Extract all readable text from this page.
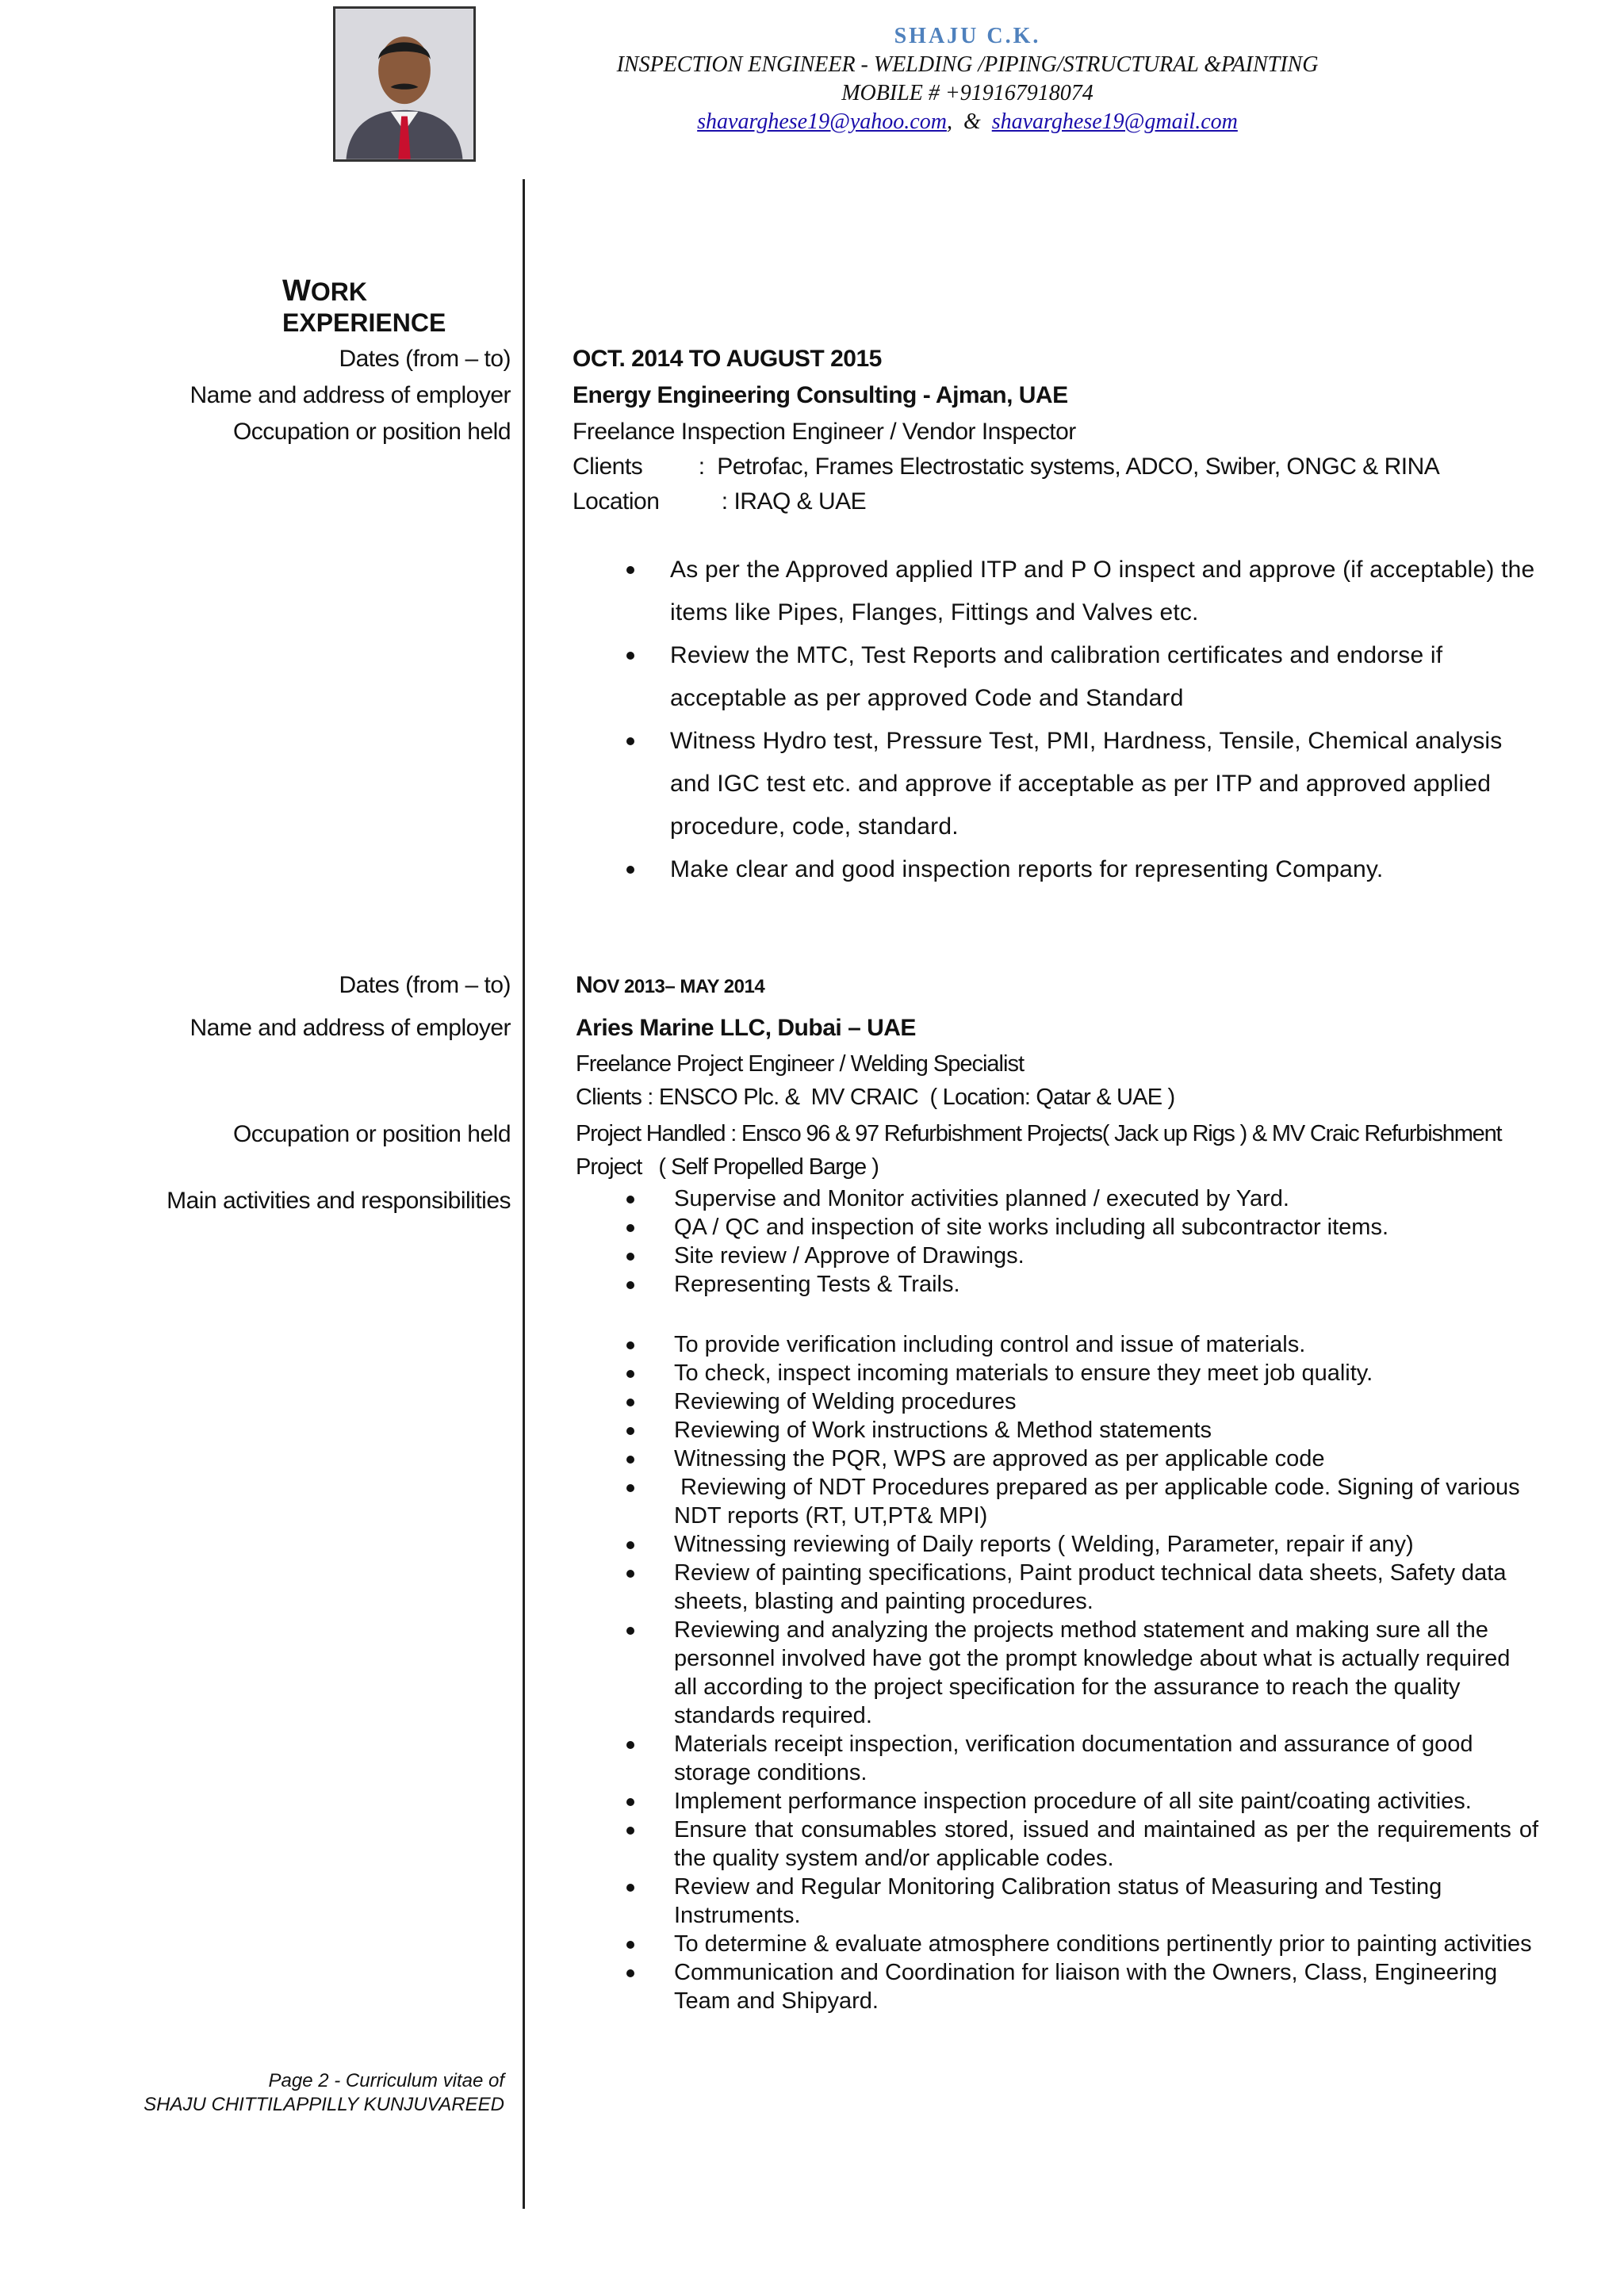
SHAJU C.K.
INSPECTION ENGINEER - WELDING /PIPING/STRUCTURAL &PAINTING
MOBILE # +919167918074
shavarghese19@yahoo.com,  &  shavarghese19@gmail.com
WORK EXPERIENCE
Dates (from – to)
Name and address of employer
Occupation or position held
OCT. 2014 TO AUGUST 2015
Energy Engineering Consulting - Ajman, UAE
Freelance Inspection Engineer / Vendor Inspector
Clients         :  Petrofac, Frames Electrostatic systems, ADCO, Swiber, ONGC & RINA
Location          : IRAQ & UAE
As per the Approved applied ITP and P O inspect and approve (if acceptable) the items like Pipes, Flanges, Fittings and Valves etc.
Review the MTC, Test Reports and calibration certificates and endorse if acceptable as per approved Code and Standard
Witness Hydro test, Pressure Test, PMI, Hardness, Tensile, Chemical analysis and IGC test etc. and approve if acceptable as per ITP and approved applied procedure, code, standard.
Make clear and good inspection reports for representing Company.
Dates (from – to)
Name and address of employer
Occupation or position held
Main activities and responsibilities
NOV 2013– MAY 2014
Aries Marine LLC, Dubai – UAE
Freelance Project Engineer / Welding Specialist
Clients : ENSCO Plc. &  MV CRAIC  ( Location: Qatar & UAE )
Project Handled : Ensco 96 & 97 Refurbishment Projects( Jack up Rigs ) & MV Craic Refurbishment
Project   ( Self Propelled Barge )
Supervise and Monitor activities planned / executed by Yard.
QA / QC and inspection of site works including all subcontractor items.
Site review / Approve of Drawings.
Representing Tests & Trails.
To provide verification including control and issue of materials.
To check, inspect incoming materials to ensure they meet job quality.
Reviewing of Welding procedures
Reviewing of Work instructions & Method statements
Witnessing the PQR, WPS are approved as per applicable code
Reviewing of NDT Procedures prepared as per applicable code. Signing of various NDT reports (RT, UT,PT& MPI)
Witnessing reviewing of Daily reports ( Welding, Parameter, repair if any)
Review of painting specifications, Paint product technical data sheets, Safety data sheets, blasting and painting procedures.
Reviewing and analyzing the projects method statement and making sure all the personnel involved have got the prompt knowledge about what is actually required all according to the project specification for the assurance to reach the quality standards required.
Materials receipt inspection, verification documentation and assurance of good storage conditions.
Implement performance inspection procedure of all site paint/coating activities.
Ensure that consumables stored, issued and maintained as per the requirements of the quality system and/or applicable codes.
Review and Regular Monitoring Calibration status of Measuring and Testing Instruments.
To determine & evaluate atmosphere conditions pertinently prior to painting activities
Communication and Coordination for liaison with the Owners, Class, Engineering Team and Shipyard.
Page 2 - Curriculum vitae of
SHAJU CHITTILAPPILLY KUNJUVAREED
